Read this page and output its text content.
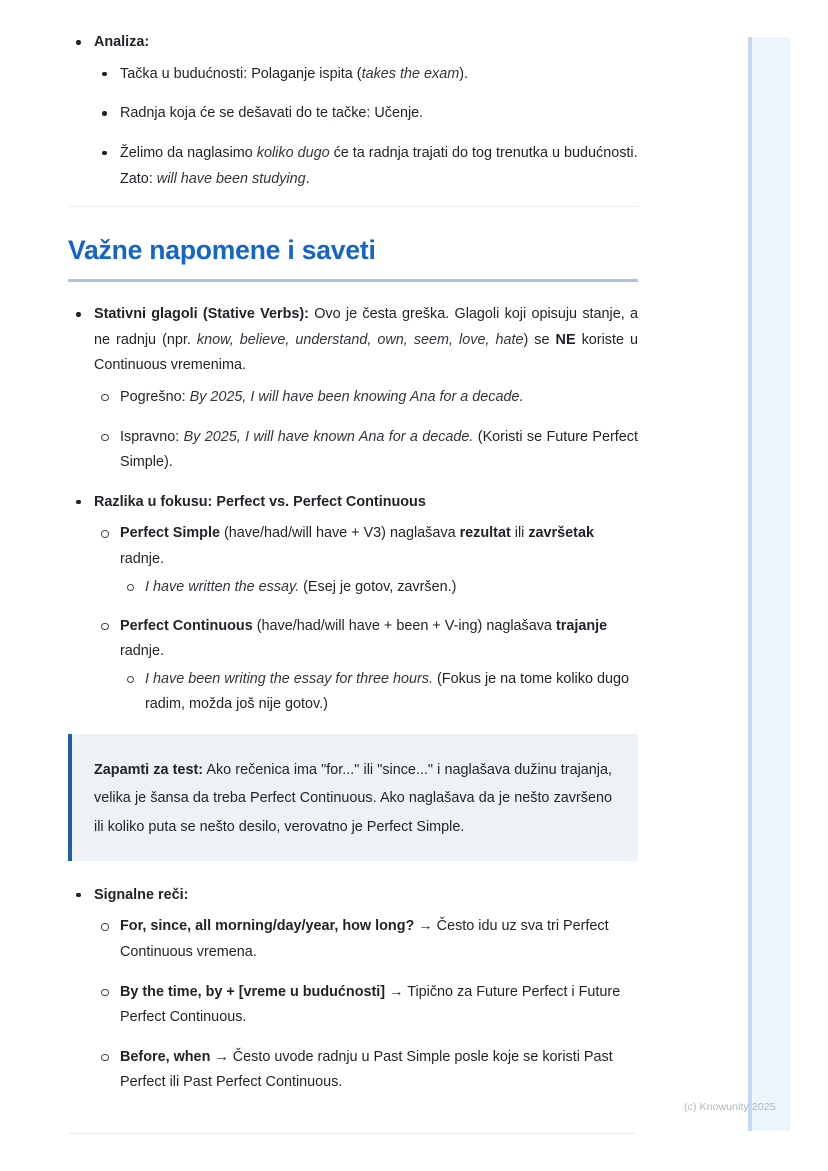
Analiza:
Tačka u budućnosti: Polaganje ispita (takes the exam).
Radnja koja će se dešavati do te tačke: Učenje.
Želimo da naglasimo koliko dugo će ta radnja trajati do tog trenutka u budućnosti. Zato: will have been studying.
Važne napomene i saveti
Stativni glagoli (Stative Verbs): Ovo je česta greška. Glagoli koji opisuju stanje, a ne radnju (npr. know, believe, understand, own, seem, love, hate) se NE koriste u Continuous vremenima.
Pogrešno: By 2025, I will have been knowing Ana for a decade.
Ispravno: By 2025, I will have known Ana for a decade. (Koristi se Future Perfect Simple).
Razlika u fokusu: Perfect vs. Perfect Continuous
Perfect Simple (have/had/will have + V3) naglašava rezultat ili završetak radnje.
I have written the essay. (Esej je gotov, završen.)
Perfect Continuous (have/had/will have + been + V-ing) naglašava trajanje radnje.
I have been writing the essay for three hours. (Fokus je na tome koliko dugo radim, možda još nije gotov.)
Zapamti za test: Ako rečenica ima "for..." ili "since..." i naglašava dužinu trajanja, velika je šansa da treba Perfect Continuous. Ako naglašava da je nešto završeno ili koliko puta se nešto desilo, verovatno je Perfect Simple.
Signalne reči:
For, since, all morning/day/year, how long? → Često idu uz sva tri Perfect Continuous vremena.
By the time, by + [vreme u budućnosti] → Tipično za Future Perfect i Future Perfect Continuous.
Before, when → Često uvode radnju u Past Simple posle koje se koristi Past Perfect ili Past Perfect Continuous.
(c) Knowunity 2025
